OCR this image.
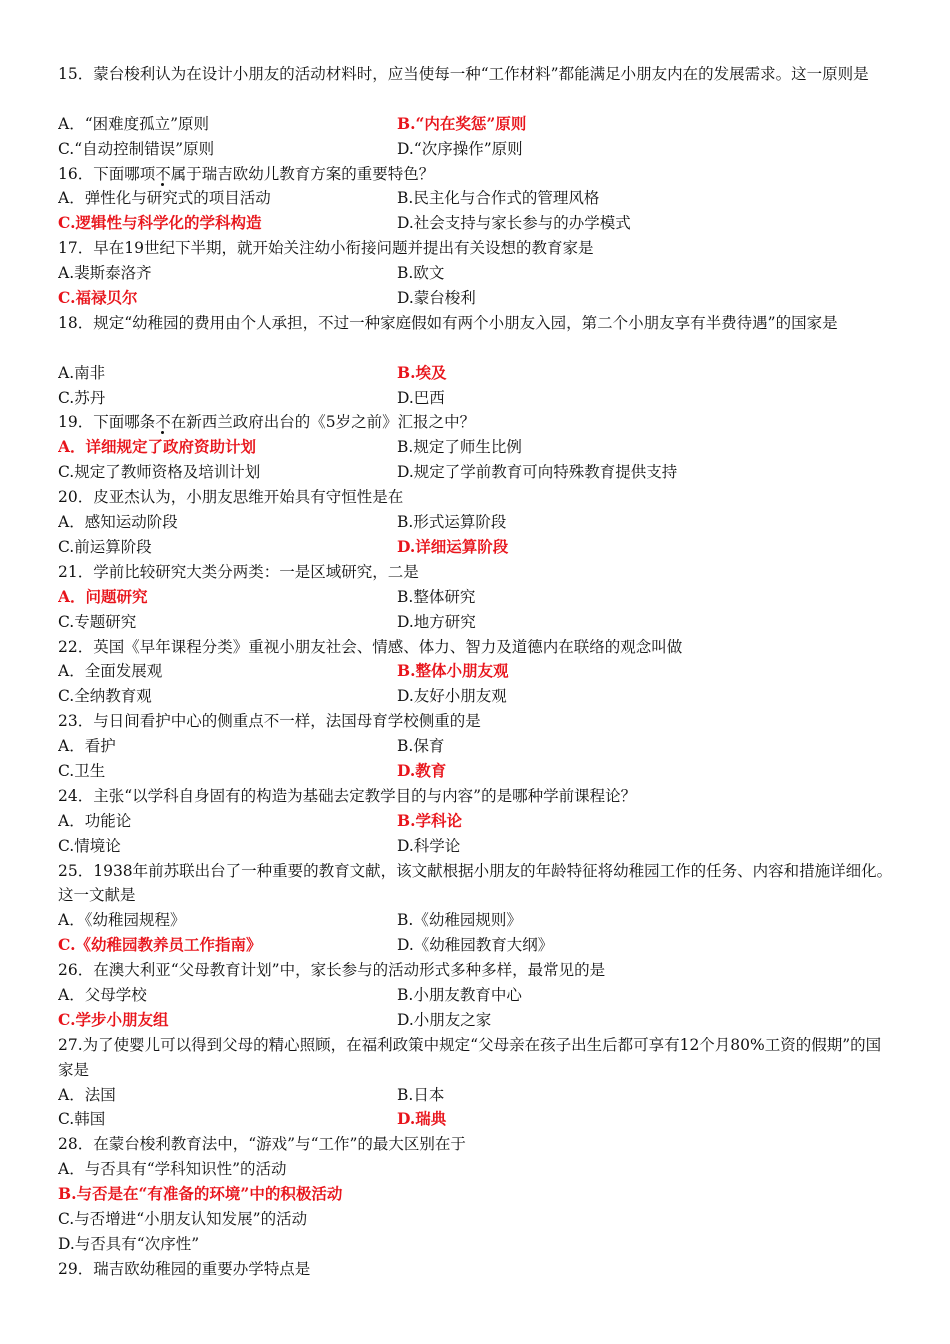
15．蒙台梭利认为在设计小朋友的活动材料时，应当使每一种“工作材料”都能满足小朋友内在的发展需求。这一原则是
A．“困难度孤立”原则	B.“内在奖惩”原则
C.“自动控制错误”原则	D.“次序操作”原则
16．下面哪项不属于瑞吉欧幼儿教育方案的重要特色？
A．弹性化与研究式的项目活动	B.民主化与合作式的管理风格
C.逻辑性与科学化的学科构造	D.社会支持与家长参与的办学模式
17．早在19世纪下半期，就开始关注幼小衔接问题并提出有关设想的教育家是
A.裴斯泰洛齐	B.欧文
C.福禄贝尔	D.蒙台梭利
18．规定“幼稚园的费用由个人承担，不过一种家庭假如有两个小朋友入园，第二个小朋友享有半费待遇”的国家是
A.南非	B.埃及
C.苏丹	D.巴西
19．下面哪条不在新西兰政府出台的《5岁之前》汇报之中？
A．详细规定了政府资助计划	B.规定了师生比例
C.规定了教师资格及培训计划	D.规定了学前教育可向特殊教育提供支持
20．皮亚杰认为，小朋友思维开始具有守恒性是在
A．感知运动阶段	B.形式运算阶段
C.前运算阶段	D.详细运算阶段
21．学前比较研究大类分两类：一是区域研究，二是
A．问题研究	B.整体研究
C.专题研究	D.地方研究
22．英国《早年课程分类》重视小朋友社会、情感、体力、智力及道德内在联络的观念叫做
A．全面发展观	B.整体小朋友观
C.全纳教育观	D.友好小朋友观
23．与日间看护中心的侧重点不一样，法国母育学校侧重的是
A．看护	B.保育
C.卫生	D.教育
24．主张“以学科自身固有的构造为基础去定教学目的与内容”的是哪种学前课程论？
A．功能论	B.学科论
C.情境论	D.科学论
25．1938年前苏联出台了一种重要的教育文献，该文献根据小朋友的年龄特征将幼稚园工作的任务、内容和措施详细化。这一文献是
A．《幼稚园规程》	B.《幼稚园规则》
C.《幼稚园教养员工作指南》	D.《幼稚园教育大纲》
26．在澳大利亚“父母教育计划”中，家长参与的活动形式多种多样，最常见的是
A．父母学校	B.小朋友教育中心
C.学步小朋友组	D.小朋友之家
27.为了使婴儿可以得到父母的精心照顾，在福利政策中规定“父母亲在孩子出生后都可享有12个月80%工资的假期”的国家是
A．法国	B.日本
C.韩国	D.瑞典
28．在蒙台梭利教育法中，“游戏”与“工作”的最大区别在于
A．与否具有“学科知识性”的活动
B.与否是在“有准备的环境”中的积极活动
C.与否增进“小朋友认知发展”的活动
D.与否具有“次序性”
29．瑞吉欧幼稚园的重要办学特点是
